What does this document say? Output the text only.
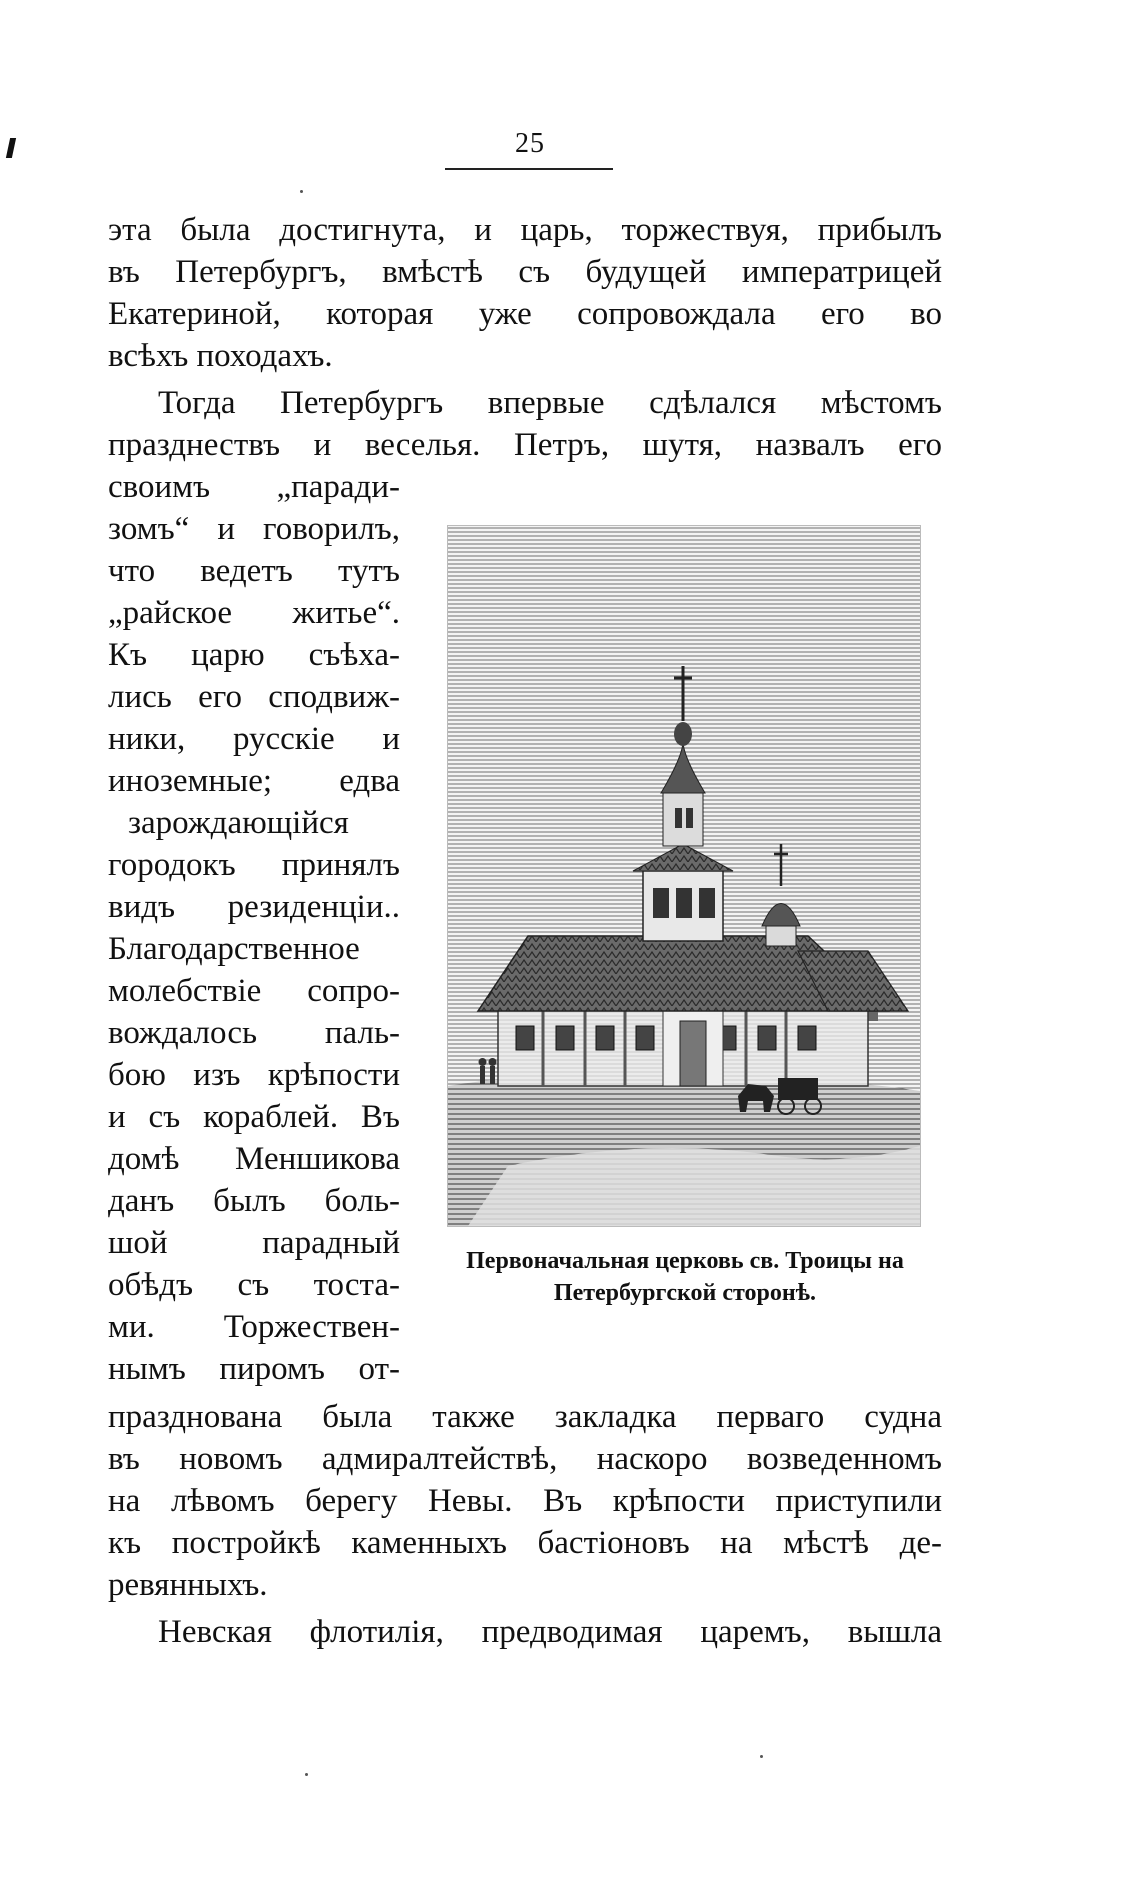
25
эта была достигнута, и царь, торжествуя, прибылъ
въ Петербургъ, вмѣстѣ съ будущей императрицей
Екатериной, которая уже сопровождала его во
всѣхъ походахъ.
Тогда Петербургъ впервые сдѣлался мѣстомъ
празднествъ и веселья. Петръ, шутя, назвалъ его
своимъ „паради-
зомъ“ и говорилъ,
что ведетъ тутъ
„райское житье“.
Къ царю съѣха-
лись его сподвиж-
ники, русскіе и
иноземные; едва
зарождающійся
городокъ принялъ
видъ резиденціи..
Благодарственное
молебствіе сопро-
вождалось паль-
бою изъ крѣпости
и съ кораблей. Въ
домѣ Меншикова
данъ былъ боль-
шой парадный
обѣдъ съ тоста-
ми. Торжествен-
нымъ пиромъ от-
празднована была также закладка перваго судна
въ новомъ адмиралтействѣ, наскоро возведенномъ
на лѣвомъ берегу Невы. Въ крѣпости приступили
къ постройкѣ каменныхъ бастіоновъ на мѣстѣ де-
ревянныхъ.
Невская флотилія, предводимая царемъ, вышла
Первоначальная церковь св. Троицы на
Петербургской сторонѣ.
